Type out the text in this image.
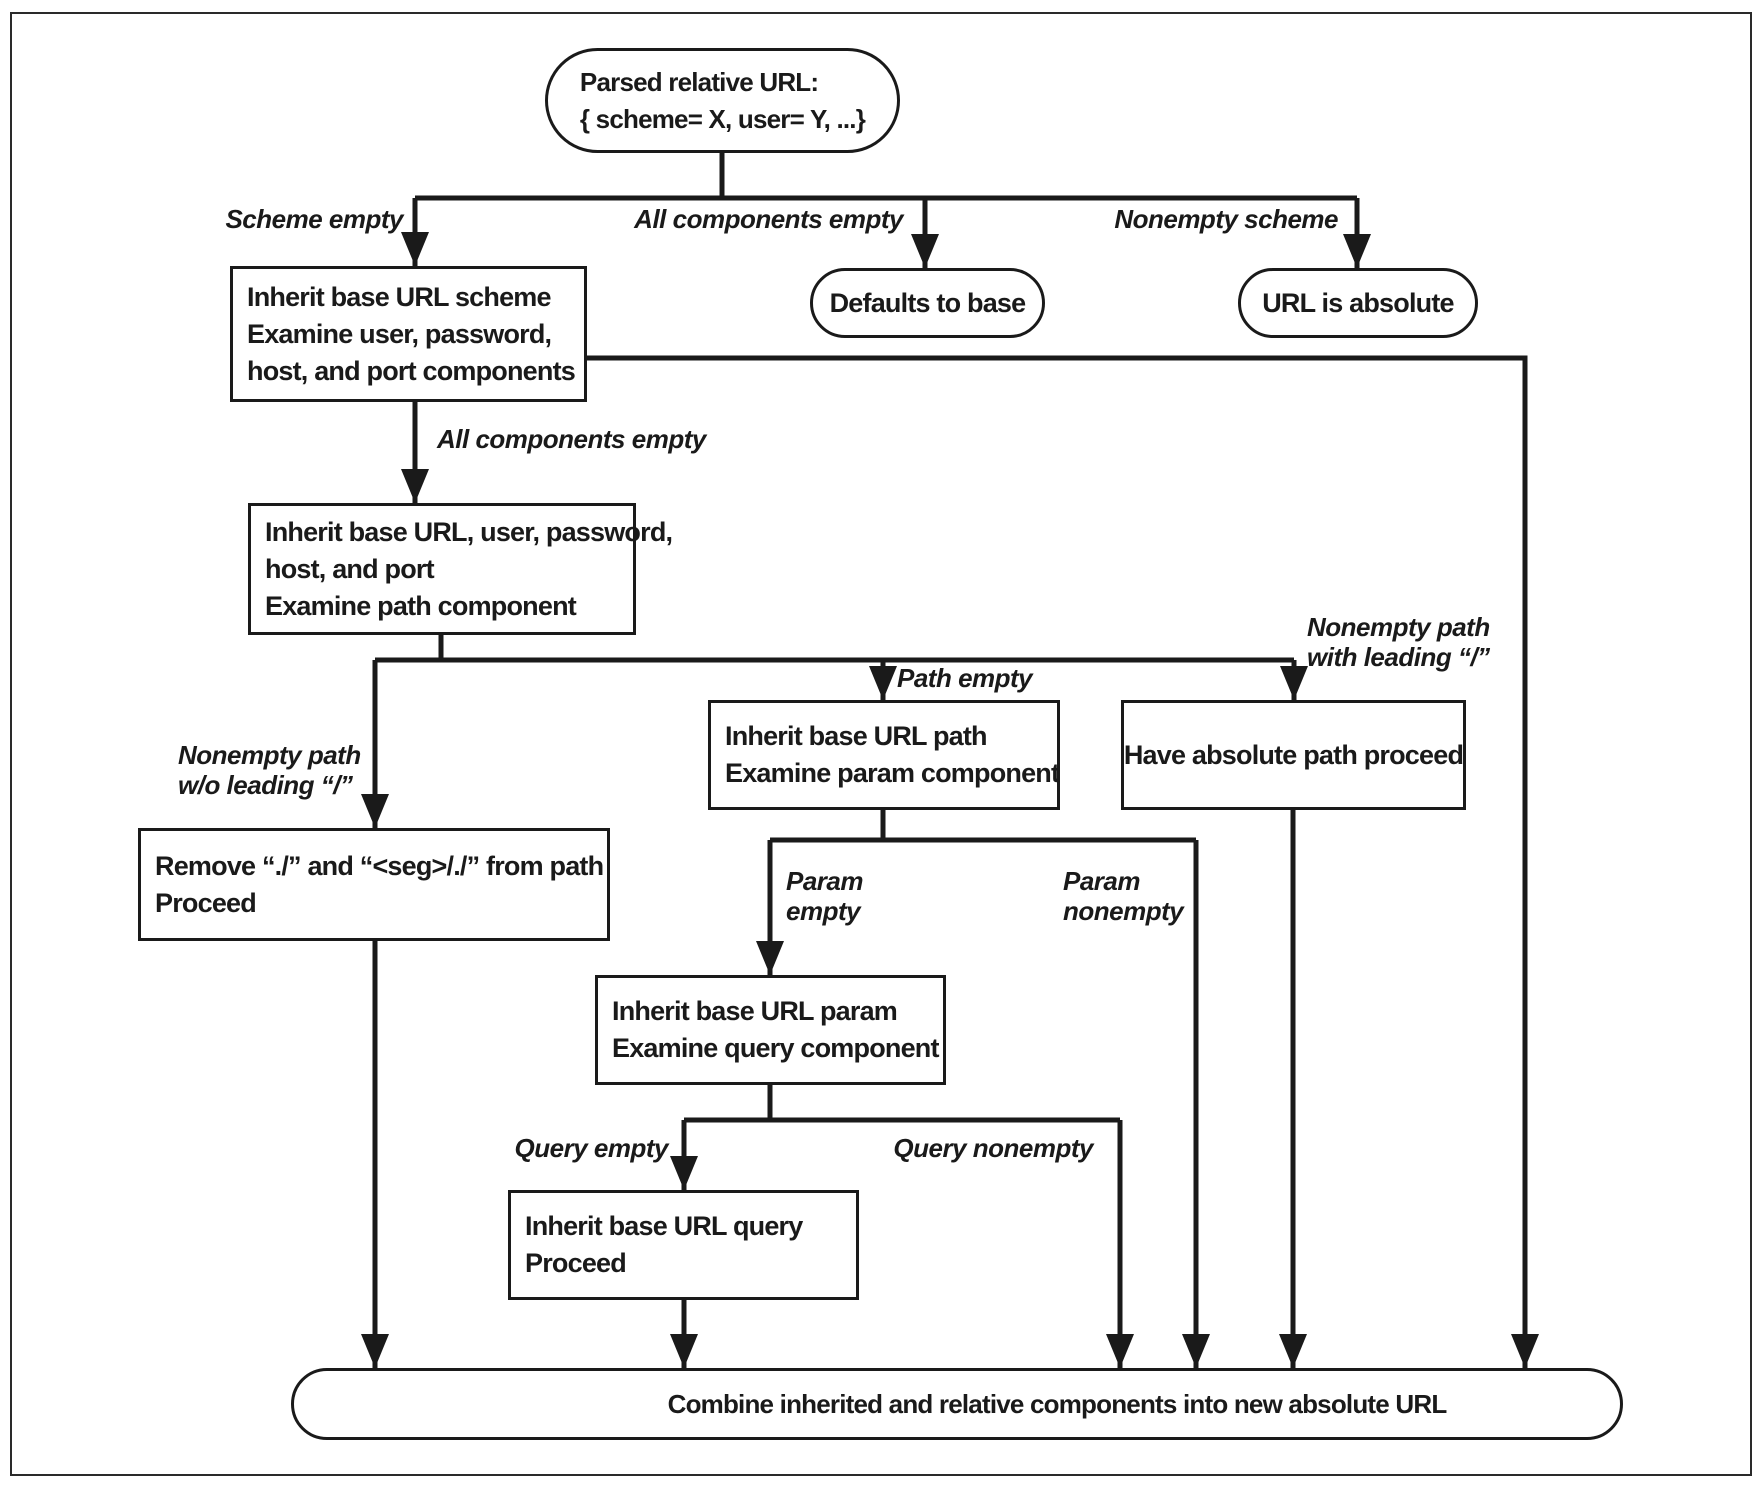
Parsed relative URL:
{ scheme= X, user= Y, ...}
Inherit base URL scheme
Examine user, password,
host, and port components
Defaults to base	URL is absolute
Inherit base URL, user, password,
host, and port
Examine path component
Remove “./” and “<seg>/./” from path
Proceed
Inherit base URL path
Examine param component
Have absolute path proceed
Inherit base URL param
Examine query component
Inherit base URL query
Proceed
Combine inherited and relative components into new absolute URL
Scheme empty	All components empty	Nonempty scheme
All components empty
Nonempty path
w/o leading “/”
Path empty
Nonempty path
with leading “/”
Param
empty
Param
nonempty
Query empty	Query nonempty
